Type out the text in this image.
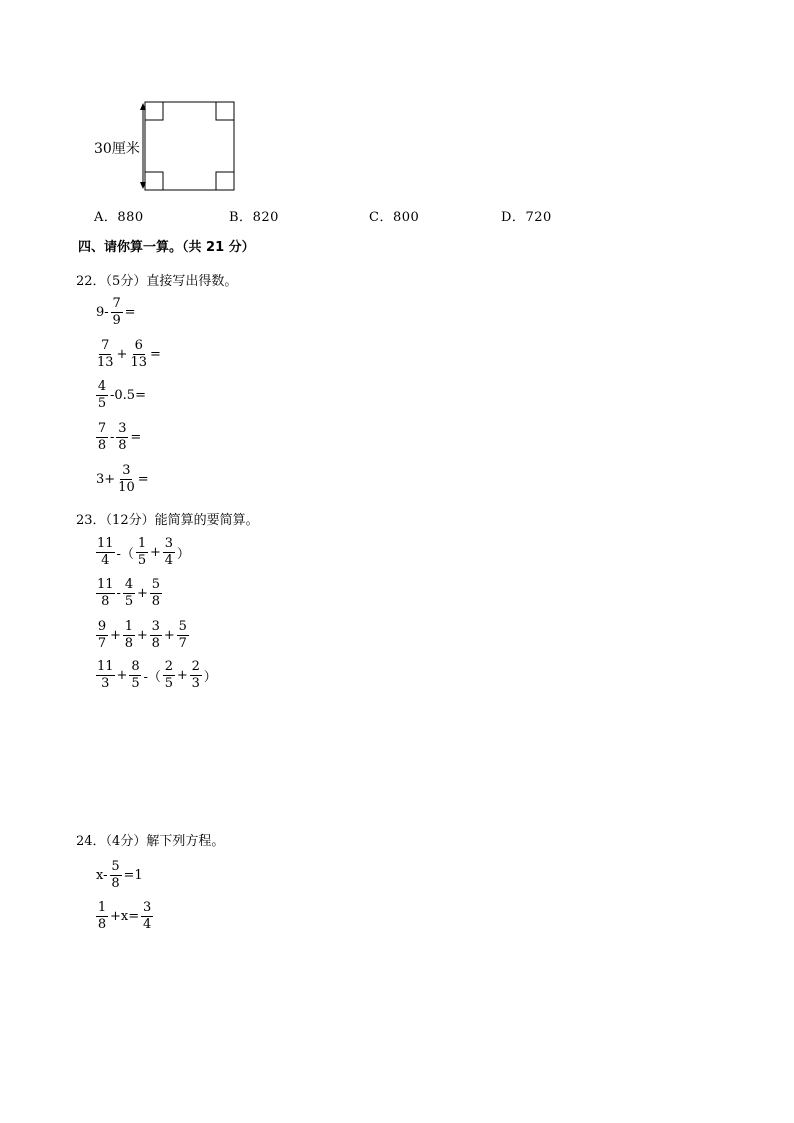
30厘米
A．880	B．820	C．800	D．720
四、请你算一算。（共 21 分）
22．（5分）直接写出得数。
$9- \frac{7}{9}$ =
$\frac{7}{13} + \frac{6}{13}$ =
$\frac{4}{5} -0.5=$
$\frac{7}{8} - \frac{3}{8}$ =
$3+ \frac{3}{10}$ =
23．（12分）能简算的要简算。
$\frac{11}{4}$ -（ $\frac{1}{5} + \frac{3}{4}$ ）
$\frac{11}{8} - \frac{4}{5} + \frac{5}{8}$
$\frac{9}{7} + \frac{1}{8} + \frac{3}{8} + \frac{5}{7}$
$\frac{11}{3} + \frac{8}{5}$ -（ $\frac{2}{5} + \frac{2}{3}$ ）
24．（4分）解下列方程。
$x- \frac{5}{8} =1$
$\frac{1}{8} +x= \frac{3}{4}$
